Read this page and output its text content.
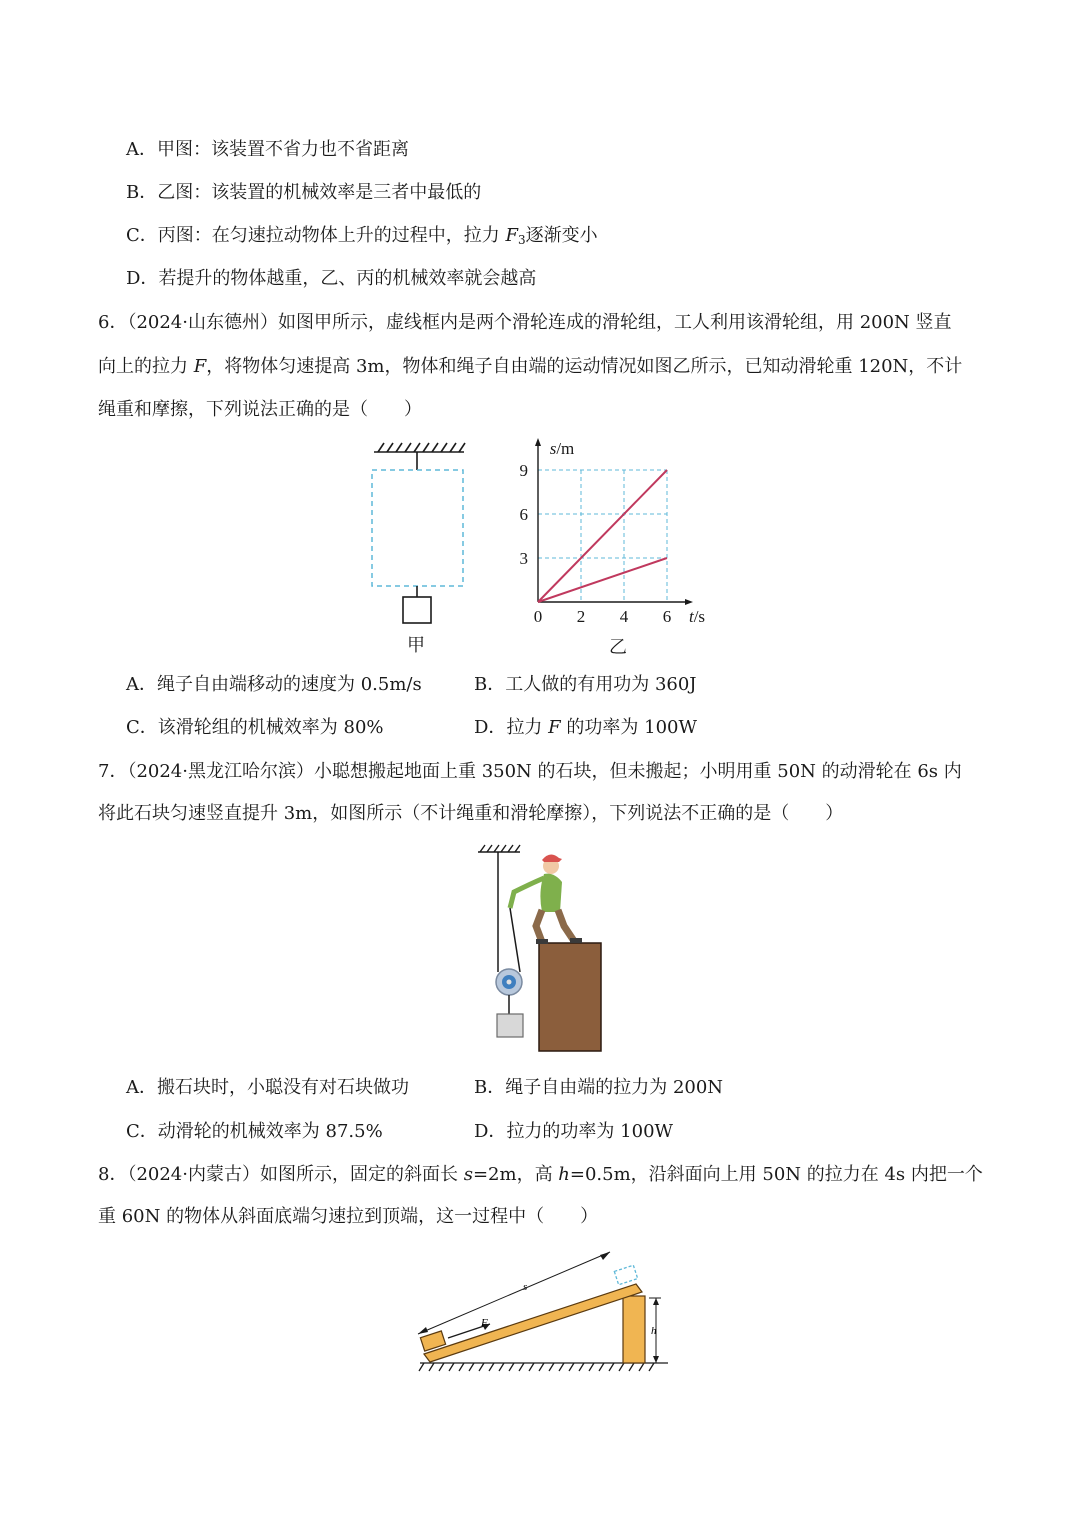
A．甲图：该装置不省力也不省距离
B．乙图：该装置的机械效率是三者中最低的
C．丙图：在匀速拉动物体上升的过程中，拉力 $F_3$逐渐变小
D．若提升的物体越重，乙、丙的机械效率就会越高
6．（2024·山东德州）如图甲所示，虚线框内是两个滑轮连成的滑轮组，工人利用该滑轮组，用 200N 竖直
向上的拉力 F，将物体匀速提高 3m，物体和绳子自由端的运动情况如图乙所示，已知动滑轮重 120N，不计
绳重和摩擦，下列说法正确的是（　　）
甲
0 2 4 6
3
6
9
t/s
s/m
乙
A．绳子自由端移动的速度为 0.5m/s	B．工人做的有用功为 360J
C．该滑轮组的机械效率为 80%	D．拉力 F 的功率为 100W
7．（2024·黑龙江哈尔滨）小聪想搬起地面上重 350N 的石块，但未搬起；小明用重 50N 的动滑轮在 6s 内
将此石块匀速竖直提升 3m，如图所示（不计绳重和滑轮摩擦），下列说法不正确的是（　　）
A．搬石块时，小聪没有对石块做功	B．绳子自由端的拉力为 200N
C．动滑轮的机械效率为 87.5%	D．拉力的功率为 100W
8．（2024·内蒙古）如图所示，固定的斜面长 s=2m，高 h=0.5m，沿斜面向上用 50N 的拉力在 4s 内把一个
重 60N 的物体从斜面底端匀速拉到顶端，这一过程中（　　）
F
s
h
